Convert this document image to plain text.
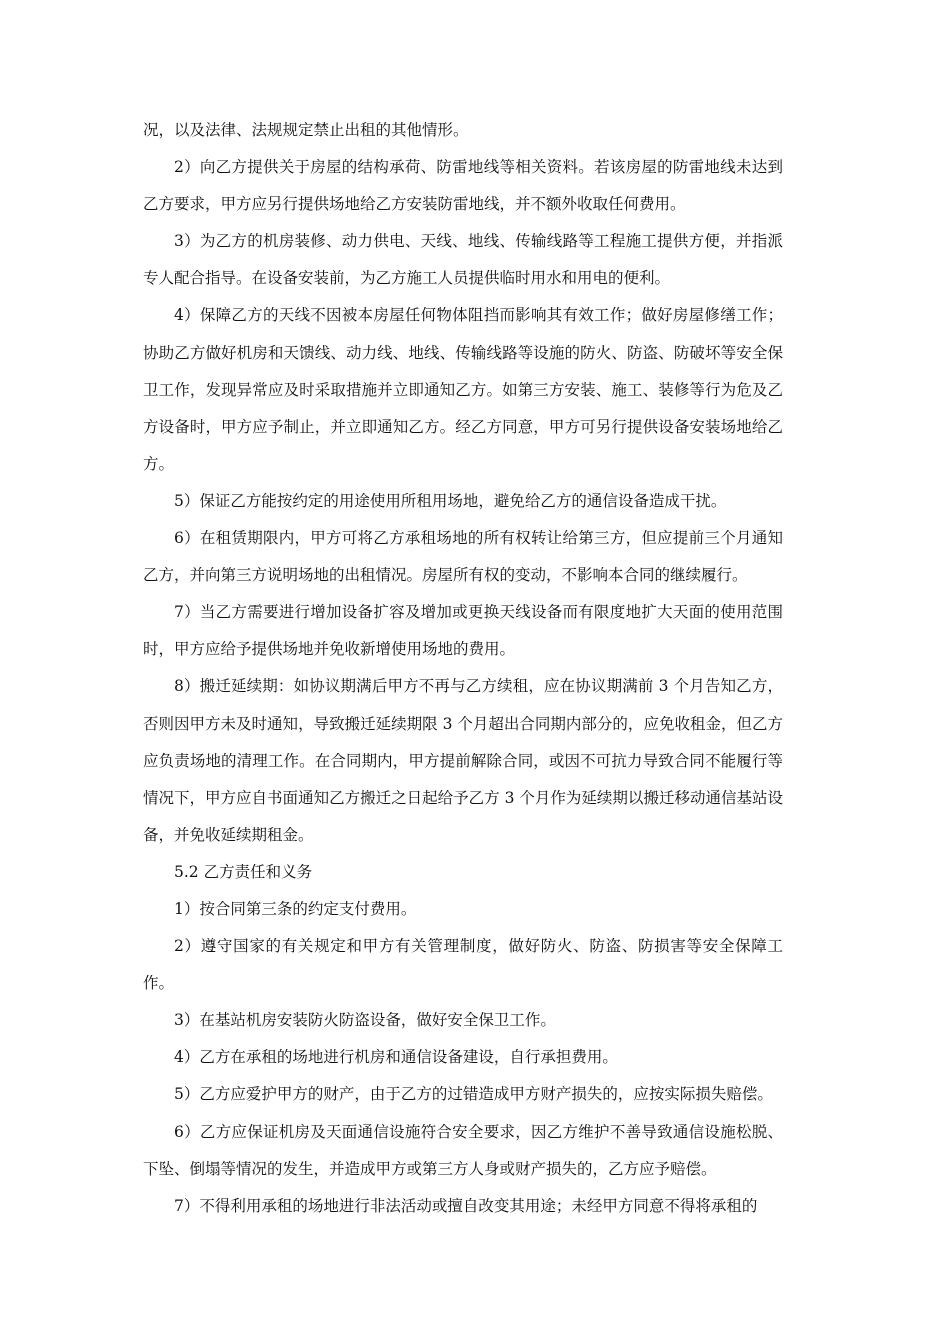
况，以及法律、法规规定禁止出租的其他情形。

2）向乙方提供关于房屋的结构承荷、防雷地线等相关资料。若该房屋的防雷地线未达到乙方要求，甲方应另行提供场地给乙方安装防雷地线，并不额外收取任何费用。

3）为乙方的机房装修、动力供电、天线、地线、传输线路等工程施工提供方便，并指派专人配合指导。在设备安装前，为乙方施工人员提供临时用水和用电的便利。

4）保障乙方的天线不因被本房屋任何物体阻挡而影响其有效工作；做好房屋修缮工作；协助乙方做好机房和天馈线、动力线、地线、传输线路等设施的防火、防盗、防破坏等安全保卫工作，发现异常应及时采取措施并立即通知乙方。如第三方安装、施工、装修等行为危及乙方设备时，甲方应予制止，并立即通知乙方。经乙方同意，甲方可另行提供设备安装场地给乙方。

5）保证乙方能按约定的用途使用所租用场地，避免给乙方的通信设备造成干扰。

6）在租赁期限内，甲方可将乙方承租场地的所有权转让给第三方，但应提前三个月通知乙方，并向第三方说明场地的出租情况。房屋所有权的变动，不影响本合同的继续履行。

7）当乙方需要进行增加设备扩容及增加或更换天线设备而有限度地扩大天面的使用范围时，甲方应给予提供场地并免收新增使用场地的费用。

8）搬迁延续期：如协议期满后甲方不再与乙方续租，应在协议期满前 3 个月告知乙方，否则因甲方未及时通知，导致搬迁延续期限 3 个月超出合同期内部分的，应免收租金，但乙方应负责场地的清理工作。在合同期内，甲方提前解除合同，或因不可抗力导致合同不能履行等情况下，甲方应自书面通知乙方搬迁之日起给予乙方 3 个月作为延续期以搬迁移动通信基站设备，并免收延续期租金。

5.2 乙方责任和义务

1）按合同第三条的约定支付费用。

2）遵守国家的有关规定和甲方有关管理制度，做好防火、防盗、防损害等安全保障工作。

3）在基站机房安装防火防盗设备，做好安全保卫工作。

4）乙方在承租的场地进行机房和通信设备建设，自行承担费用。

5）乙方应爱护甲方的财产，由于乙方的过错造成甲方财产损失的，应按实际损失赔偿。

6）乙方应保证机房及天面通信设施符合安全要求，因乙方维护不善导致通信设施松脱、下坠、倒塌等情况的发生，并造成甲方或第三方人身或财产损失的，乙方应予赔偿。

7）不得利用承租的场地进行非法活动或擅自改变其用途；未经甲方同意不得将承租的
